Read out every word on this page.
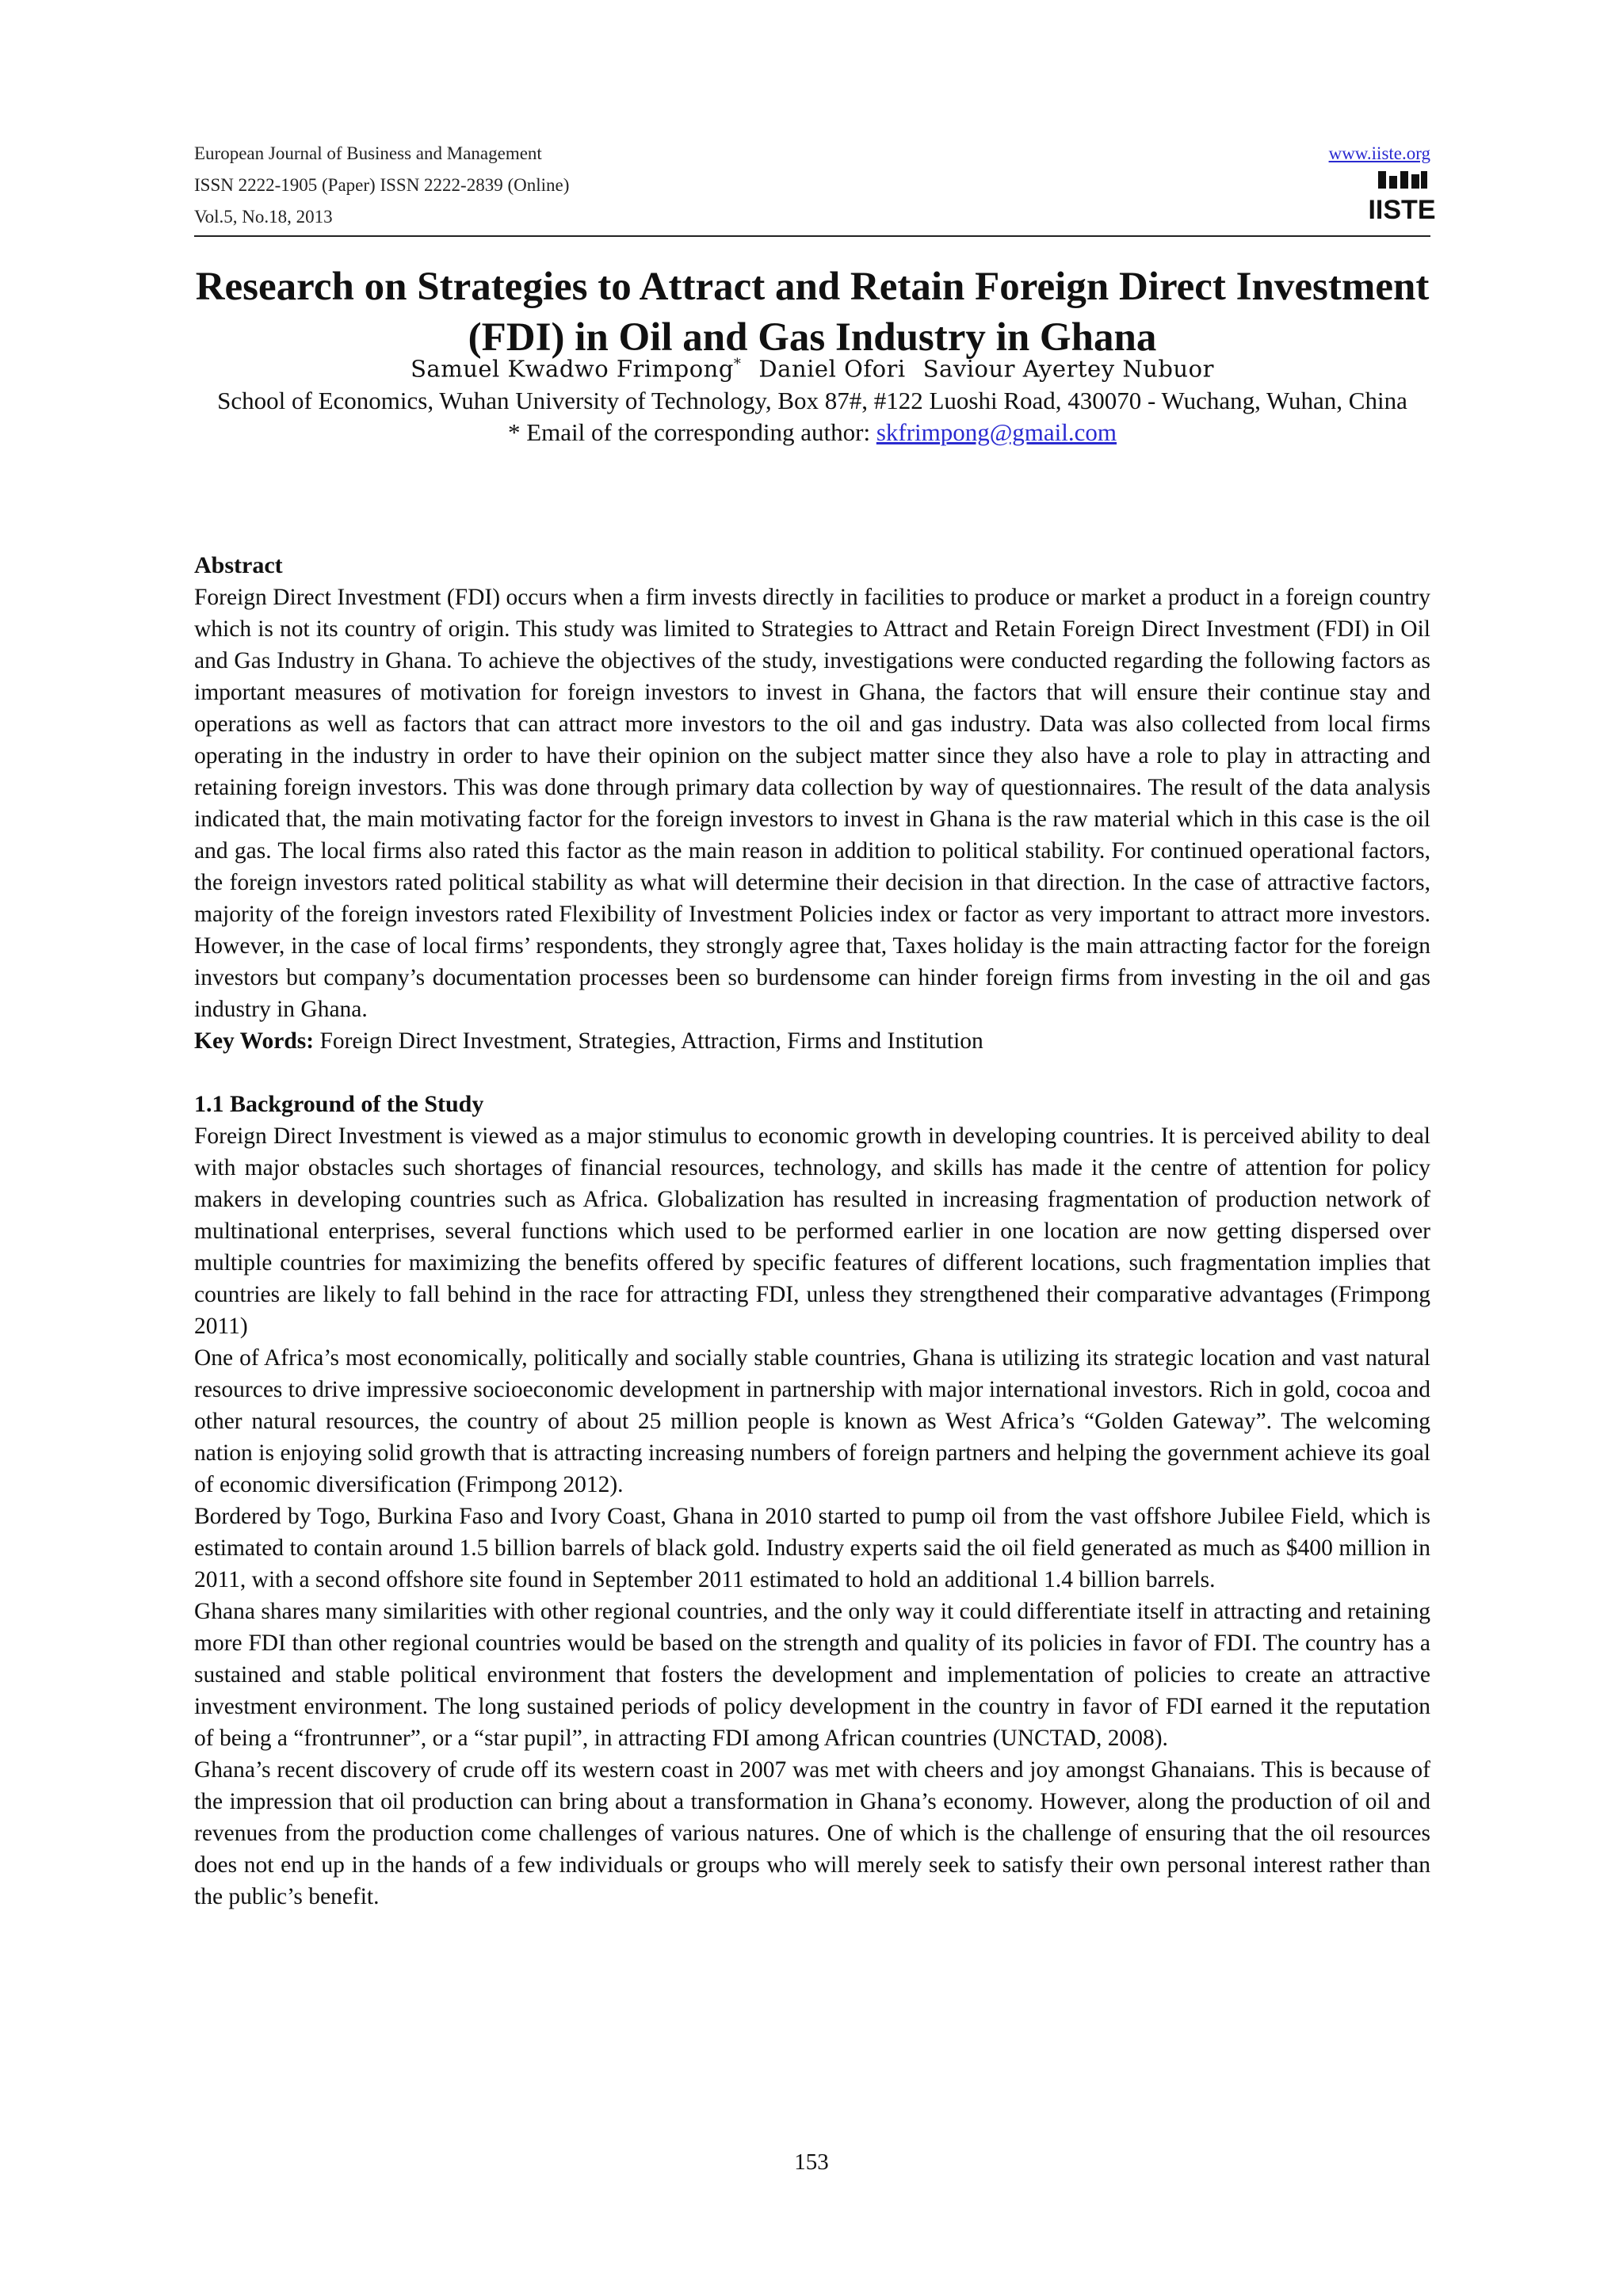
European Journal of Business and Management
ISSN 2222-1905 (Paper) ISSN 2222-2839 (Online)
Vol.5, No.18, 2013
www.iiste.org
IISTE
Research on Strategies to Attract and Retain Foreign Direct Investment (FDI) in Oil and Gas Industry in Ghana
Samuel Kwadwo Frimpong* Daniel Ofori Saviour Ayertey Nubuor
School of Economics, Wuhan University of Technology, Box 87#, #122 Luoshi Road, 430070 - Wuchang, Wuhan, China
* Email of the corresponding author: skfrimpong@gmail.com
Abstract

Foreign Direct Investment (FDI) occurs when a firm invests directly in facilities to produce or market a product in a foreign country which is not its country of origin. This study was limited to Strategies to Attract and Retain Foreign Direct Investment (FDI) in Oil and Gas Industry in Ghana. To achieve the objectives of the study, investigations were conducted regarding the following factors as important measures of motivation for foreign investors to invest in Ghana, the factors that will ensure their continue stay and operations as well as factors that can attract more investors to the oil and gas industry. Data was also collected from local firms operating in the industry in order to have their opinion on the subject matter since they also have a role to play in attracting and retaining foreign investors. This was done through primary data collection by way of questionnaires. The result of the data analysis indicated that, the main motivating factor for the foreign investors to invest in Ghana is the raw material which in this case is the oil and gas. The local firms also rated this factor as the main reason in addition to political stability. For continued operational factors, the foreign investors rated political stability as what will determine their decision in that direction. In the case of attractive factors, majority of the foreign investors rated Flexibility of Investment Policies index or factor as very important to attract more investors. However, in the case of local firms’ respondents, they strongly agree that, Taxes holiday is the main attracting factor for the foreign investors but company’s documentation processes been so burdensome can hinder foreign firms from investing in the oil and gas industry in Ghana.

Key Words: Foreign Direct Investment, Strategies, Attraction, Firms and Institution

1.1 Background of the Study

Foreign Direct Investment is viewed as a major stimulus to economic growth in developing countries. It is perceived ability to deal with major obstacles such shortages of financial resources, technology, and skills has made it the centre of attention for policy makers in developing countries such as Africa. Globalization has resulted in increasing fragmentation of production network of multinational enterprises, several functions which used to be performed earlier in one location are now getting dispersed over multiple countries for maximizing the benefits offered by specific features of different locations, such fragmentation implies that countries are likely to fall behind in the race for attracting FDI, unless they strengthened their comparative advantages (Frimpong 2011)

One of Africa’s most economically, politically and socially stable countries, Ghana is utilizing its strategic location and vast natural resources to drive impressive socioeconomic development in partnership with major international investors. Rich in gold, cocoa and other natural resources, the country of about 25 million people is known as West Africa’s “Golden Gateway”. The welcoming nation is enjoying solid growth that is attracting increasing numbers of foreign partners and helping the government achieve its goal of economic diversification (Frimpong 2012).

Bordered by Togo, Burkina Faso and Ivory Coast, Ghana in 2010 started to pump oil from the vast offshore Jubilee Field, which is estimated to contain around 1.5 billion barrels of black gold. Industry experts said the oil field generated as much as $400 million in 2011, with a second offshore site found in September 2011 estimated to hold an additional 1.4 billion barrels.

Ghana shares many similarities with other regional countries, and the only way it could differentiate itself in attracting and retaining more FDI than other regional countries would be based on the strength and quality of its policies in favor of FDI. The country has a sustained and stable political environment that fosters the development and implementation of policies to create an attractive investment environment. The long sustained periods of policy development in the country in favor of FDI earned it the reputation of being a “frontrunner”, or a “star pupil”, in attracting FDI among African countries (UNCTAD, 2008).

Ghana’s recent discovery of crude off its western coast in 2007 was met with cheers and joy amongst Ghanaians. This is because of the impression that oil production can bring about a transformation in Ghana’s economy. However, along the production of oil and revenues from the production come challenges of various natures. One of which is the challenge of ensuring that the oil resources does not end up in the hands of a few individuals or groups who will merely seek to satisfy their own personal interest rather than the public’s benefit.

153
